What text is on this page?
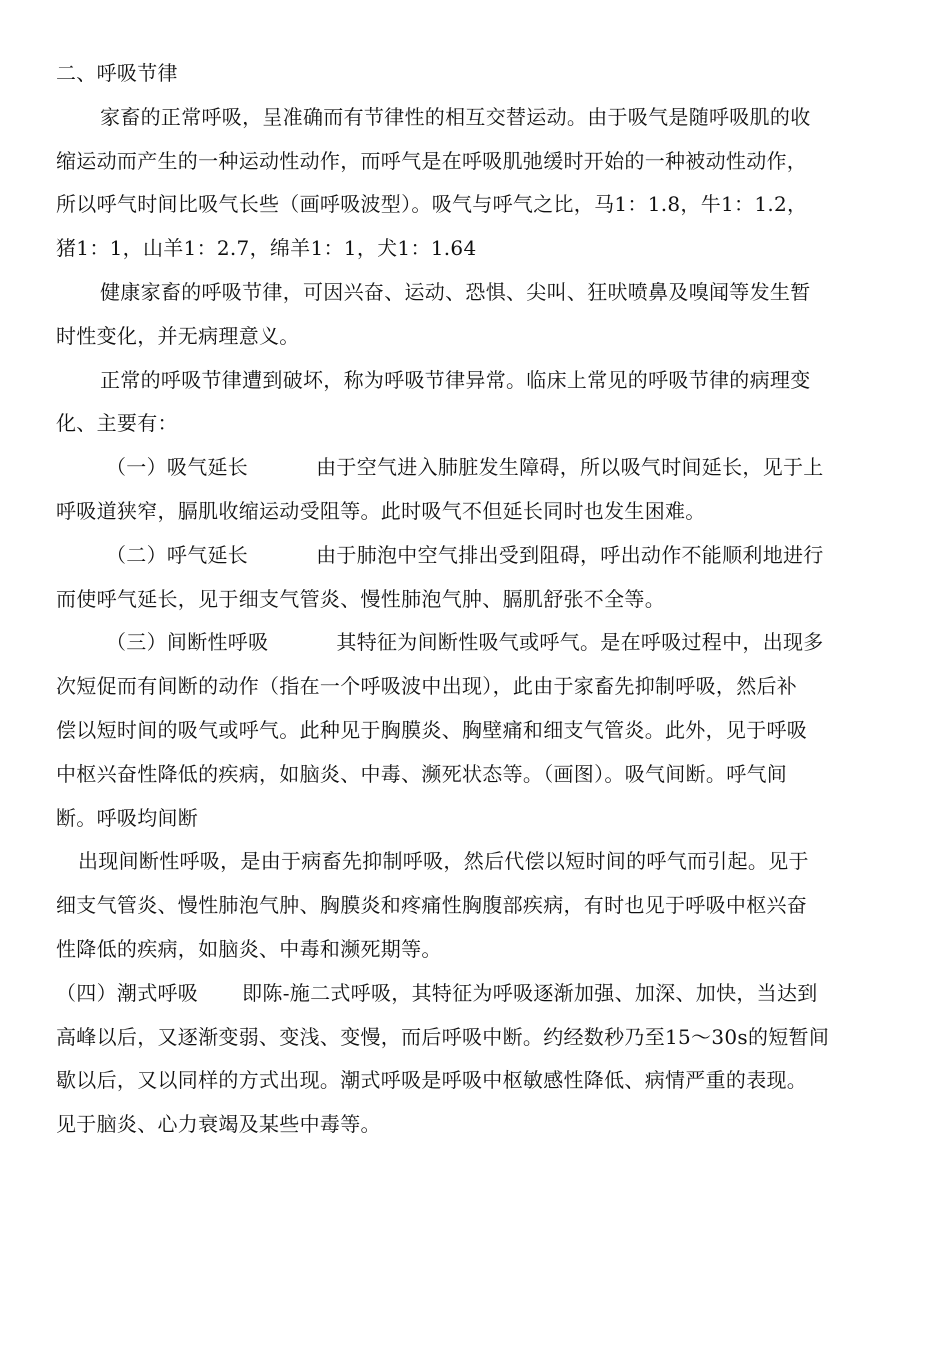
二、呼吸节律
家畜的正常呼吸，呈准确而有节律性的相互交替运动。由于吸气是随呼吸肌的收
缩运动而产生的一种运动性动作，而呼气是在呼吸肌弛缓时开始的一种被动性动作，
所以呼气时间比吸气长些（画呼吸波型）。吸气与呼气之比，马1：1.8，牛1：1.2，
猪1：1，山羊1：2.7，绵羊1：1，犬1：1.64
健康家畜的呼吸节律，可因兴奋、运动、恐惧、尖叫、狂吠喷鼻及嗅闻等发生暂
时性变化，并无病理意义。
正常的呼吸节律遭到破坏，称为呼吸节律异常。临床上常见的呼吸节律的病理变
化、主要有：
（一）吸气延长	由于空气进入肺脏发生障碍，所以吸气时间延长，见于上
呼吸道狭窄，膈肌收缩运动受阻等。此时吸气不但延长同时也发生困难。
（二）呼气延长	由于肺泡中空气排出受到阻碍，呼出动作不能顺利地进行
而使呼气延长，见于细支气管炎、慢性肺泡气肿、膈肌舒张不全等。
（三）间断性呼吸	其特征为间断性吸气或呼气。是在呼吸过程中，出现多
次短促而有间断的动作（指在一个呼吸波中出现），此由于家畜先抑制呼吸，然后补
偿以短时间的吸气或呼气。此种见于胸膜炎、胸壁痛和细支气管炎。此外，见于呼吸
中枢兴奋性降低的疾病，如脑炎、中毒、濒死状态等。（画图）。吸气间断。呼气间
断。呼吸均间断
出现间断性呼吸，是由于病畜先抑制呼吸，然后代偿以短时间的呼气而引起。见于
细支气管炎、慢性肺泡气肿、胸膜炎和疼痛性胸腹部疾病，有时也见于呼吸中枢兴奋
性降低的疾病，如脑炎、中毒和濒死期等。
（四）潮式呼吸 即陈-施二式呼吸，其特征为呼吸逐渐加强、加深、加快，当达到
高峰以后，又逐渐变弱、变浅、变慢，而后呼吸中断。约经数秒乃至15～30s的短暂间
歇以后，又以同样的方式出现。潮式呼吸是呼吸中枢敏感性降低、病情严重的表现。
见于脑炎、心力衰竭及某些中毒等。
